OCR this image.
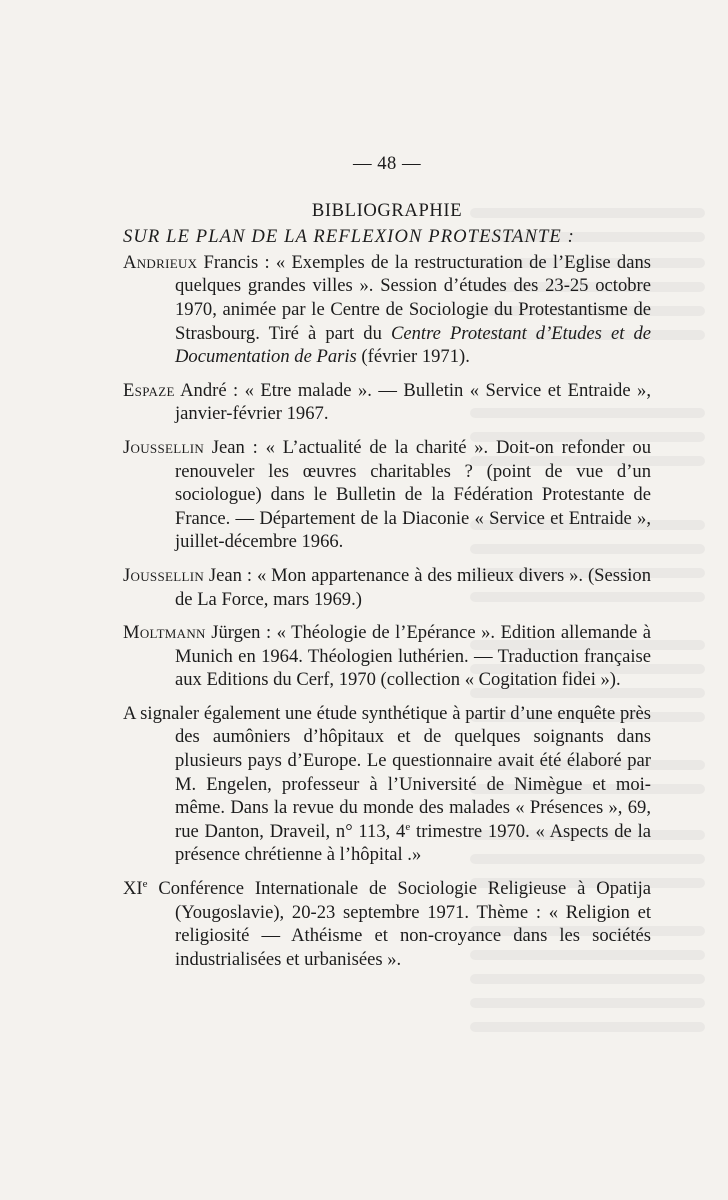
— 48 —
BIBLIOGRAPHIE
SUR LE PLAN DE LA REFLEXION PROTESTANTE :
Andrieux Francis : « Exemples de la restructuration de l’Eglise dans quelques grandes villes ». Session d’études des 23-25 octobre 1970, animée par le Centre de Sociologie du Protestantisme de Strasbourg. Tiré à part du Centre Protestant d’Etudes et de Documentation de Paris (février 1971).
Espaze André : « Etre malade ». — Bulletin « Service et Entraide », janvier-février 1967.
Joussellin Jean : « L’actualité de la charité ». Doit-on refonder ou renouveler les œuvres charitables ? (point de vue d’un sociologue) dans le Bulletin de la Fédération Protestante de France. — Département de la Diaconie « Service et Entraide », juillet-décembre 1966.
Joussellin Jean : « Mon appartenance à des milieux divers ». (Session de La Force, mars 1969.)
Moltmann Jürgen : « Théologie de l’Epérance ». Edition allemande à Munich en 1964. Théologien luthérien. — Traduction française aux Editions du Cerf, 1970 (collection « Cogitation fidei »).
A signaler également une étude synthétique à partir d’une enquête près des aumôniers d’hôpitaux et de quelques soignants dans plusieurs pays d’Europe. Le questionnaire avait été élaboré par M. Engelen, professeur à l’Université de Nimègue et moi-même. Dans la revue du monde des malades « Présences », 69, rue Danton, Draveil, n° 113, 4e trimestre 1970. « Aspects de la présence chrétienne à l’hôpital .»
XIe Conférence Internationale de Sociologie Religieuse à Opatija (Yougoslavie), 20-23 septembre 1971. Thème : « Religion et religiosité — Athéisme et non-croyance dans les sociétés industrialisées et urbanisées ».
